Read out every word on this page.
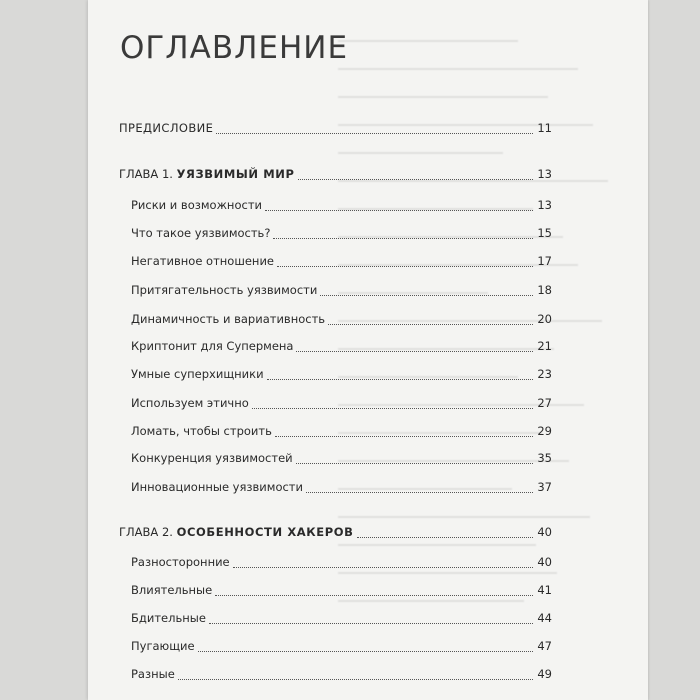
ОГЛАВЛЕНИЕ
ПРЕДИСЛОВИЕ	11
ГЛАВА 1. УЯЗВИМЫЙ МИР	13
Риски и возможности	13
Что такое уязвимость?	15
Негативное отношение	17
Притягательность уязвимости	18
Динамичность и вариативность	20
Криптонит для Супермена	21
Умные суперхищники	23
Используем этично	27
Ломать, чтобы строить	29
Конкуренция уязвимостей	35
Инновационные уязвимости	37
ГЛАВА 2. ОСОБЕННОСТИ ХАКЕРОВ	40
Разносторонние	40
Влиятельные	41
Бдительные	44
Пугающие	47
Разные	49
